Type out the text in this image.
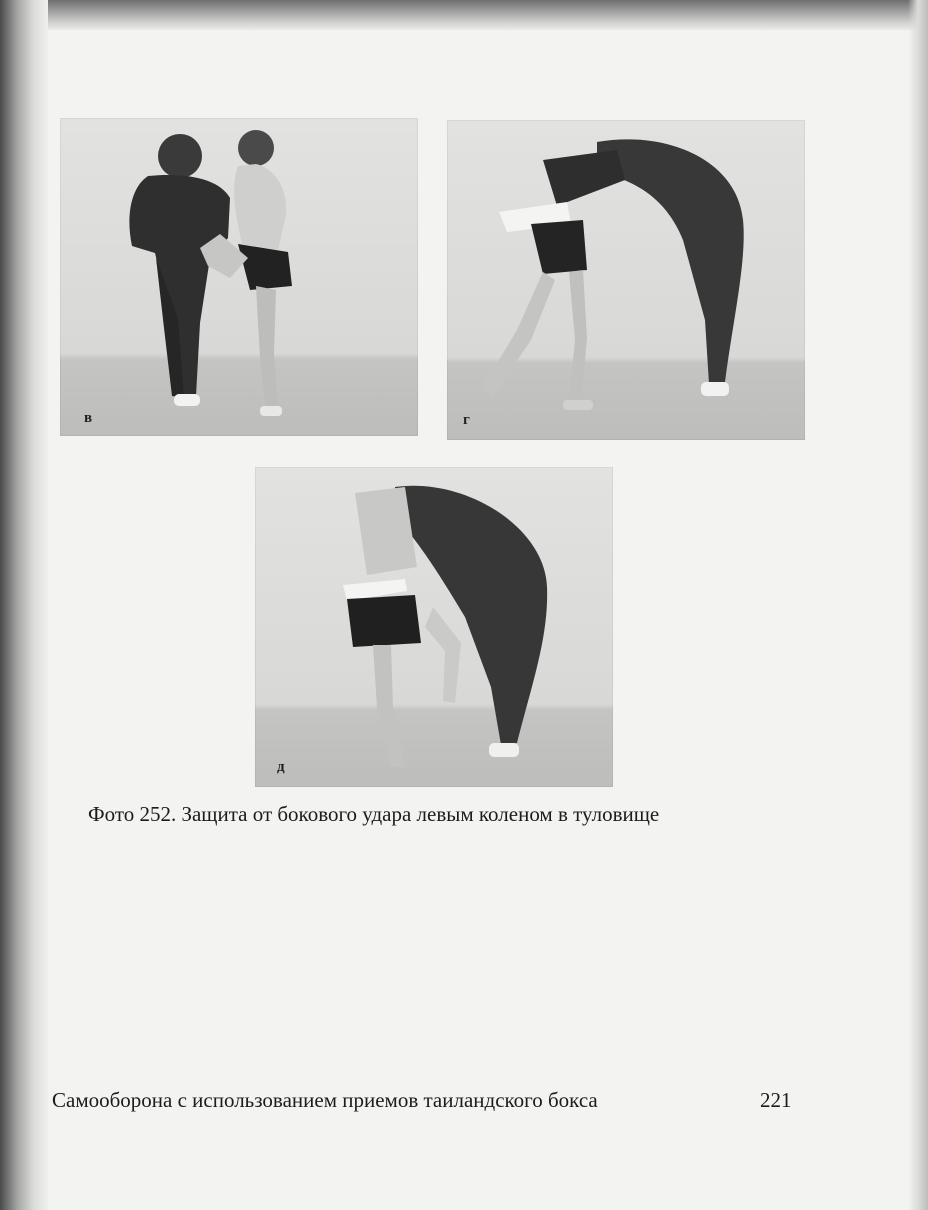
в	г
д
Фото 252. Защита от бокового удара левым коленом в туловище
Самооборона с использованием приемов таиландского бокса	221
